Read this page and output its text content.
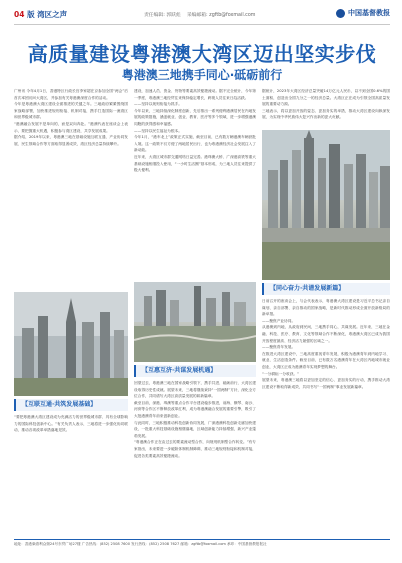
04 版 湾区之声	责任编辑: 郭跃彪 采编邮箱: zgftb@foxmail.com	中国基督教报
高质量建设粤港澳大湾区迈出坚实步伐
粤港澳三地携手同心·砥砺前行
广州讯 今年4月1日，香港特区行政长官李家超在京参加全国“两会”后首次率团访问大湾区，并参加有关粤港澳深度合作的活动。
今年是粤港澳大湾区建设全面推进的关键之年。三地政府紧紧围绕国家战略部署，加快推进规则衔接、机制对接，携手打造国际一流湾区和世界级城市群。
“港澳融合发展不是单向的，而是双向奔赴。”港澳代表在座谈会上表示，要把握重大机遇，积极参与湾区建设，共享发展成果。
据介绍，2019年以来，粤港澳三地在基础设施互联互通、产业协同发展、民生领域合作等方面取得显著成效，湾区经济总量持续攀升。
建设，加速人员、资金、货物等要素高效便捷流动。据不完全统计，今年第一季度，粤港澳三地经贸往来保持稳定增长，跨境人员往来日趋活跃。
——坚持以规则衔接为抓手。
今年以来，三地持续深化制度创新，先后推出一系列便利港澳居民在内地发展的政策措施，涵盖就业、创业、教育、医疗等多个领域，进一步增强港澳同胞的获得感和幸福感。
——坚持以民生福祉为根本。
今年1月，“港车北上”政策正式实施，截至目前，已有数万辆港澳车辆获批入境。这一政策不仅方便了两地居民出行，也为粤港澳经济社会发展注入了新动能。
近年来，大湾区城市群交通网络日益完善。港珠澳大桥、广深港高铁等重大基础设施相继投入使用，“一小时生活圈”基本形成，为三地人员往来提供了极大便利。
据统计，2023年大湾区经济总量突破14万亿元人民币，以不到全国0.6%的国土面积，创造出全国九分之一的经济总量。大湾区正在成为引领全国高质量发展的重要动力源。
三地表示，将以更加开放的姿态、更加务实的举措，推动大湾区建设向纵深发展，为实现中华民族伟大复兴作出新的更大贡献。
【同心奋力·共谱发展新篇】
日前召开的座谈会上，与会代表表示，粤港澳大湾区建设是习近平总书记亲自谋划、亲自部署、亲自推动的国家战略，是新时代推动形成全面开放新格局的新举措。
——聚焦产业协同。
从港澳到内地，从政府到民间，三地携手同心，共谋发展。近年来，三地在金融、科技、医疗、教育、文化等领域合作不断深化，粤港澳大湾区已成为我国开放程度最高、经济活力最强的区域之一。
——聚焦青年发展。
在推进大湾区建设中，三地高度重视青年发展，积极为港澳青年到内地学习、就业、生活创造条件。截至目前，已有数万名港澳青年在大湾区内地城市就业创业，大湾区正成为港澳青年实现梦想的舞台。
“一分耕耘一分收获。”
展望未来，粤港澳三地将以更加坚定的信心、更加务实的行动，携手推动大湾区建设不断取得新成效，共同书写“一国两制”事业发展新篇章。
【互惠互济·共谋发展机遇】
回望过去，粤港澳三地在国家战略引领下，携手共进、砥砺前行，大湾区建设取得历史性成就。展望未来，三地将继续秉持“一国两制”方针，深化全方位合作，共同谱写大湾区高质量发展的崭新篇章。
截至目前，深港、珠澳等重点合作平台建设稳步推进，前海、横琴、南沙、河套等合作区不断释放改革红利，成为粤港澳融合发展的重要引擎，吸引了大批港澳青年前来创新创业。
与此同时，三地积极推动科技创新协同发展，广深港澳科技创新走廊加快建设，一批重大科技基础设施相继落地，区域创新能力持续增强，新兴产业蓬勃发展。
“粤港澳合作正在由过去的要素流动型合作，向规则机制型合作转变。”有专家指出，未来要进一步破除体制机制障碍，推动三地规则衔接和机制对接，促进各类要素高效便捷流动。
【互联互通·共筑发展基础】
“要把粤港澳大湾区建设成为充满活力的世界级城市群、具有全球影响力的国际科技创新中心。”有关负责人表示，三地将进一步强化协同联动，推动各项改革举措落地见效。
地址：香港柴湾利众街24号东贸广场27楼 广告热线：(852) 2508 7600 发行热线：(852) 2508 7627 邮箱：zgftb@foxmail.com 承印：中国基督教报报社
